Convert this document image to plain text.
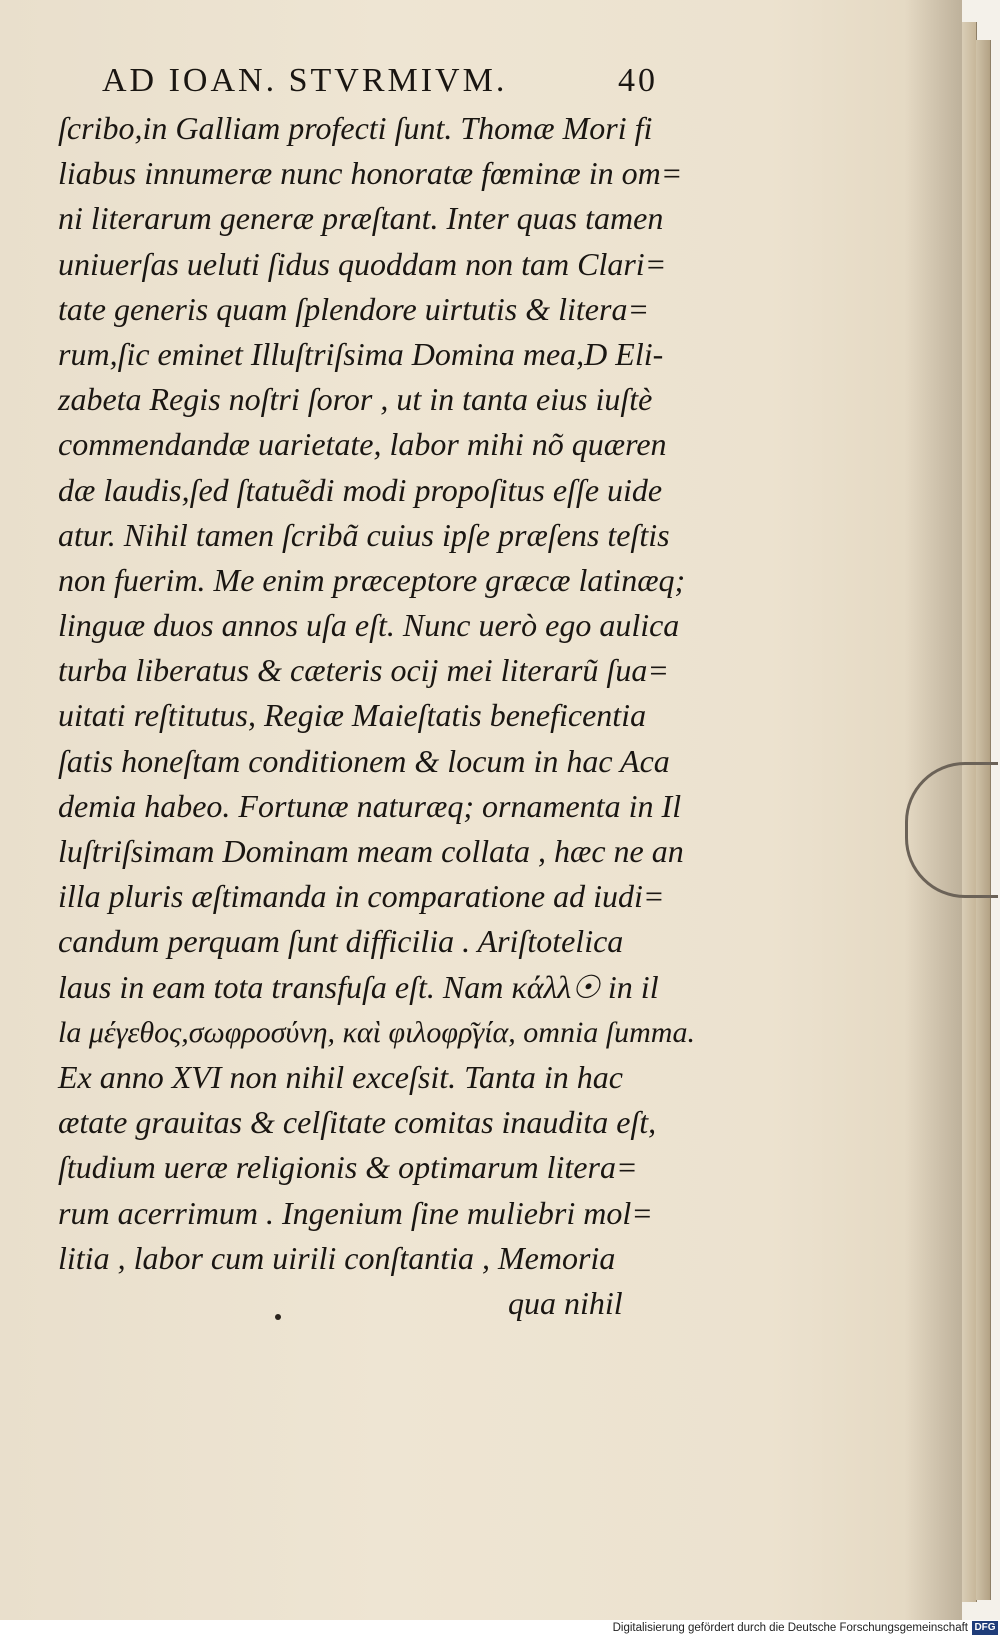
AD IOAN. STVRMIVM.	40
ſcribo,in Galliam profecti ſunt. Thomæ Mori fi
liabus innumeræ nunc honoratæ fœminæ in om=
ni literarum generæ præſtant. Inter quas tamen
uniuerſas ueluti ſidus quoddam non tam Clari=
tate generis quam ſplendore uirtutis & litera=
rum,ſic eminet Illuſtriſsima Domina mea,D Eli-
zabeta Regis noſtri ſoror , ut in tanta eius iuſtè
commendandæ uarietate, labor mihi nõ quæren
dæ laudis,ſed ſtatuẽdi modi propoſitus eſſe uide
atur. Nihil tamen ſcribã cuius ipſe præſens teſtis
non fuerim. Me enim præceptore græcæ latinæq;
linguæ duos annos uſa eſt. Nunc uerò ego aulica
turba liberatus & cæteris ocij mei literarũ ſua=
uitati reſtitutus, Regiæ Maieſtatis beneficentia
ſatis honeſtam conditionem & locum in hac Aca
demia habeo. Fortunæ naturæq; ornamenta in Il
luſtriſsimam Dominam meam collata , hæc ne an
illa pluris æſtimanda in comparatione ad iudi=
candum perquam ſunt difficilia . Ariſtotelica
laus in eam tota transfuſa eſt. Nam κάλλ☉ in il
la μέγεθος,σωφροσύνη, καὶ φιλοφρ͂γία, omnia ſumma.
Ex anno XVI non nihil exceſsit. Tanta in hac
ætate grauitas & celſitate comitas inaudita eſt,
ſtudium ueræ religionis & optimarum litera=
rum acerrimum . Ingenium ſine muliebri mol=
litia , labor cum uirili conſtantia , Memoria
qua nihil
Digitalisierung gefördert durch die Deutsche Forschungsgemeinschaft DFG
